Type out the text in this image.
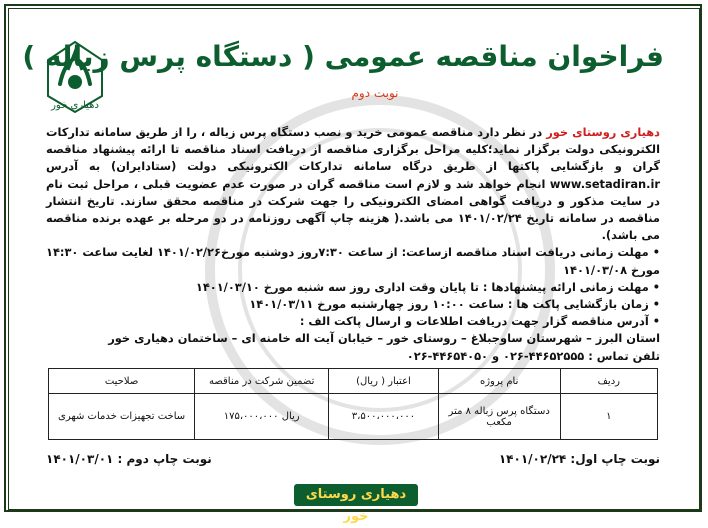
دهیاری خور
فراخوان مناقصه عمومی ( دستگاه پرس زباله )
نوبت دوم

دهیاری روستای خور در نظر دارد مناقصه عمومی خرید و نصب دستگاه پرس زباله ، را از طریق سامانه تدارکات الکترونیکی دولت برگزار نماید؛کلیه مراحل برگزاری مناقصه از دریافت اسناد مناقصه تا ارائه پیشنهاد مناقصه گران و بازگشایی پاکتها از طریق درگاه سامانه تدارکات الکترونیکی دولت (ستادایران) به آدرس www.setadiran.ir انجام خواهد شد و لازم است مناقصه گران در صورت عدم عضویت قبلی ، مراحل ثبت نام در سایت مذکور و دریافت گواهی امضای الکترونیکی را جهت شرکت در مناقصه محقق سازند. تاریخ انتشار مناقصه در سامانه تاریخ ۱۴۰۱/۰۲/۲۴ می باشد.( هزینه چاپ آگهی روزنامه در دو مرحله بر عهده برنده مناقصه می باشد).

• مهلت زمانی دریافت اسناد مناقصه ازساعت: از ساعت ۷:۳۰روز دوشنبه مورخ۱۴۰۱/۰۲/۲۶ لغایت ساعت ۱۴:۳۰ مورخ ۱۴۰۱/۰۳/۰۸
• مهلت زمانی ارائه پیشنهادها : تا پایان وقت اداری روز سه شنبه مورخ ۱۴۰۱/۰۳/۱۰
• زمان بازگشایی پاکت ها : ساعت ۱۰:۰۰ روز چهارشنبه مورخ ۱۴۰۱/۰۳/۱۱
• آدرس مناقصه گزار جهت دریافت اطلاعات و ارسال پاکت الف :

استان البرز – شهرستان ساوجبلاغ – روستای خور – خیابان آیت اله خامنه ای – ساختمان دهیاری خور

تلفن تماس : ۴۴۶۵۲۵۵۵-۰۲۶ و ۴۴۶۵۴۰۵۰-۰۲۶

ردیف	نام پروژه	اعتبار ( ریال)	تضمین شرکت در مناقصه	صلاحیت
۱	دستگاه پرس زباله ۸ متر مکعب	۳،۵۰۰،۰۰۰،۰۰۰	ریال ۱۷۵،۰۰۰،۰۰۰	ساخت تجهیزات خدمات شهری
نوبت چاپ اول: ۱۴۰۱/۰۲/۲۴
نوبت چاپ دوم : ۱۴۰۱/۰۳/۰۱
دهیاری روستای خور
